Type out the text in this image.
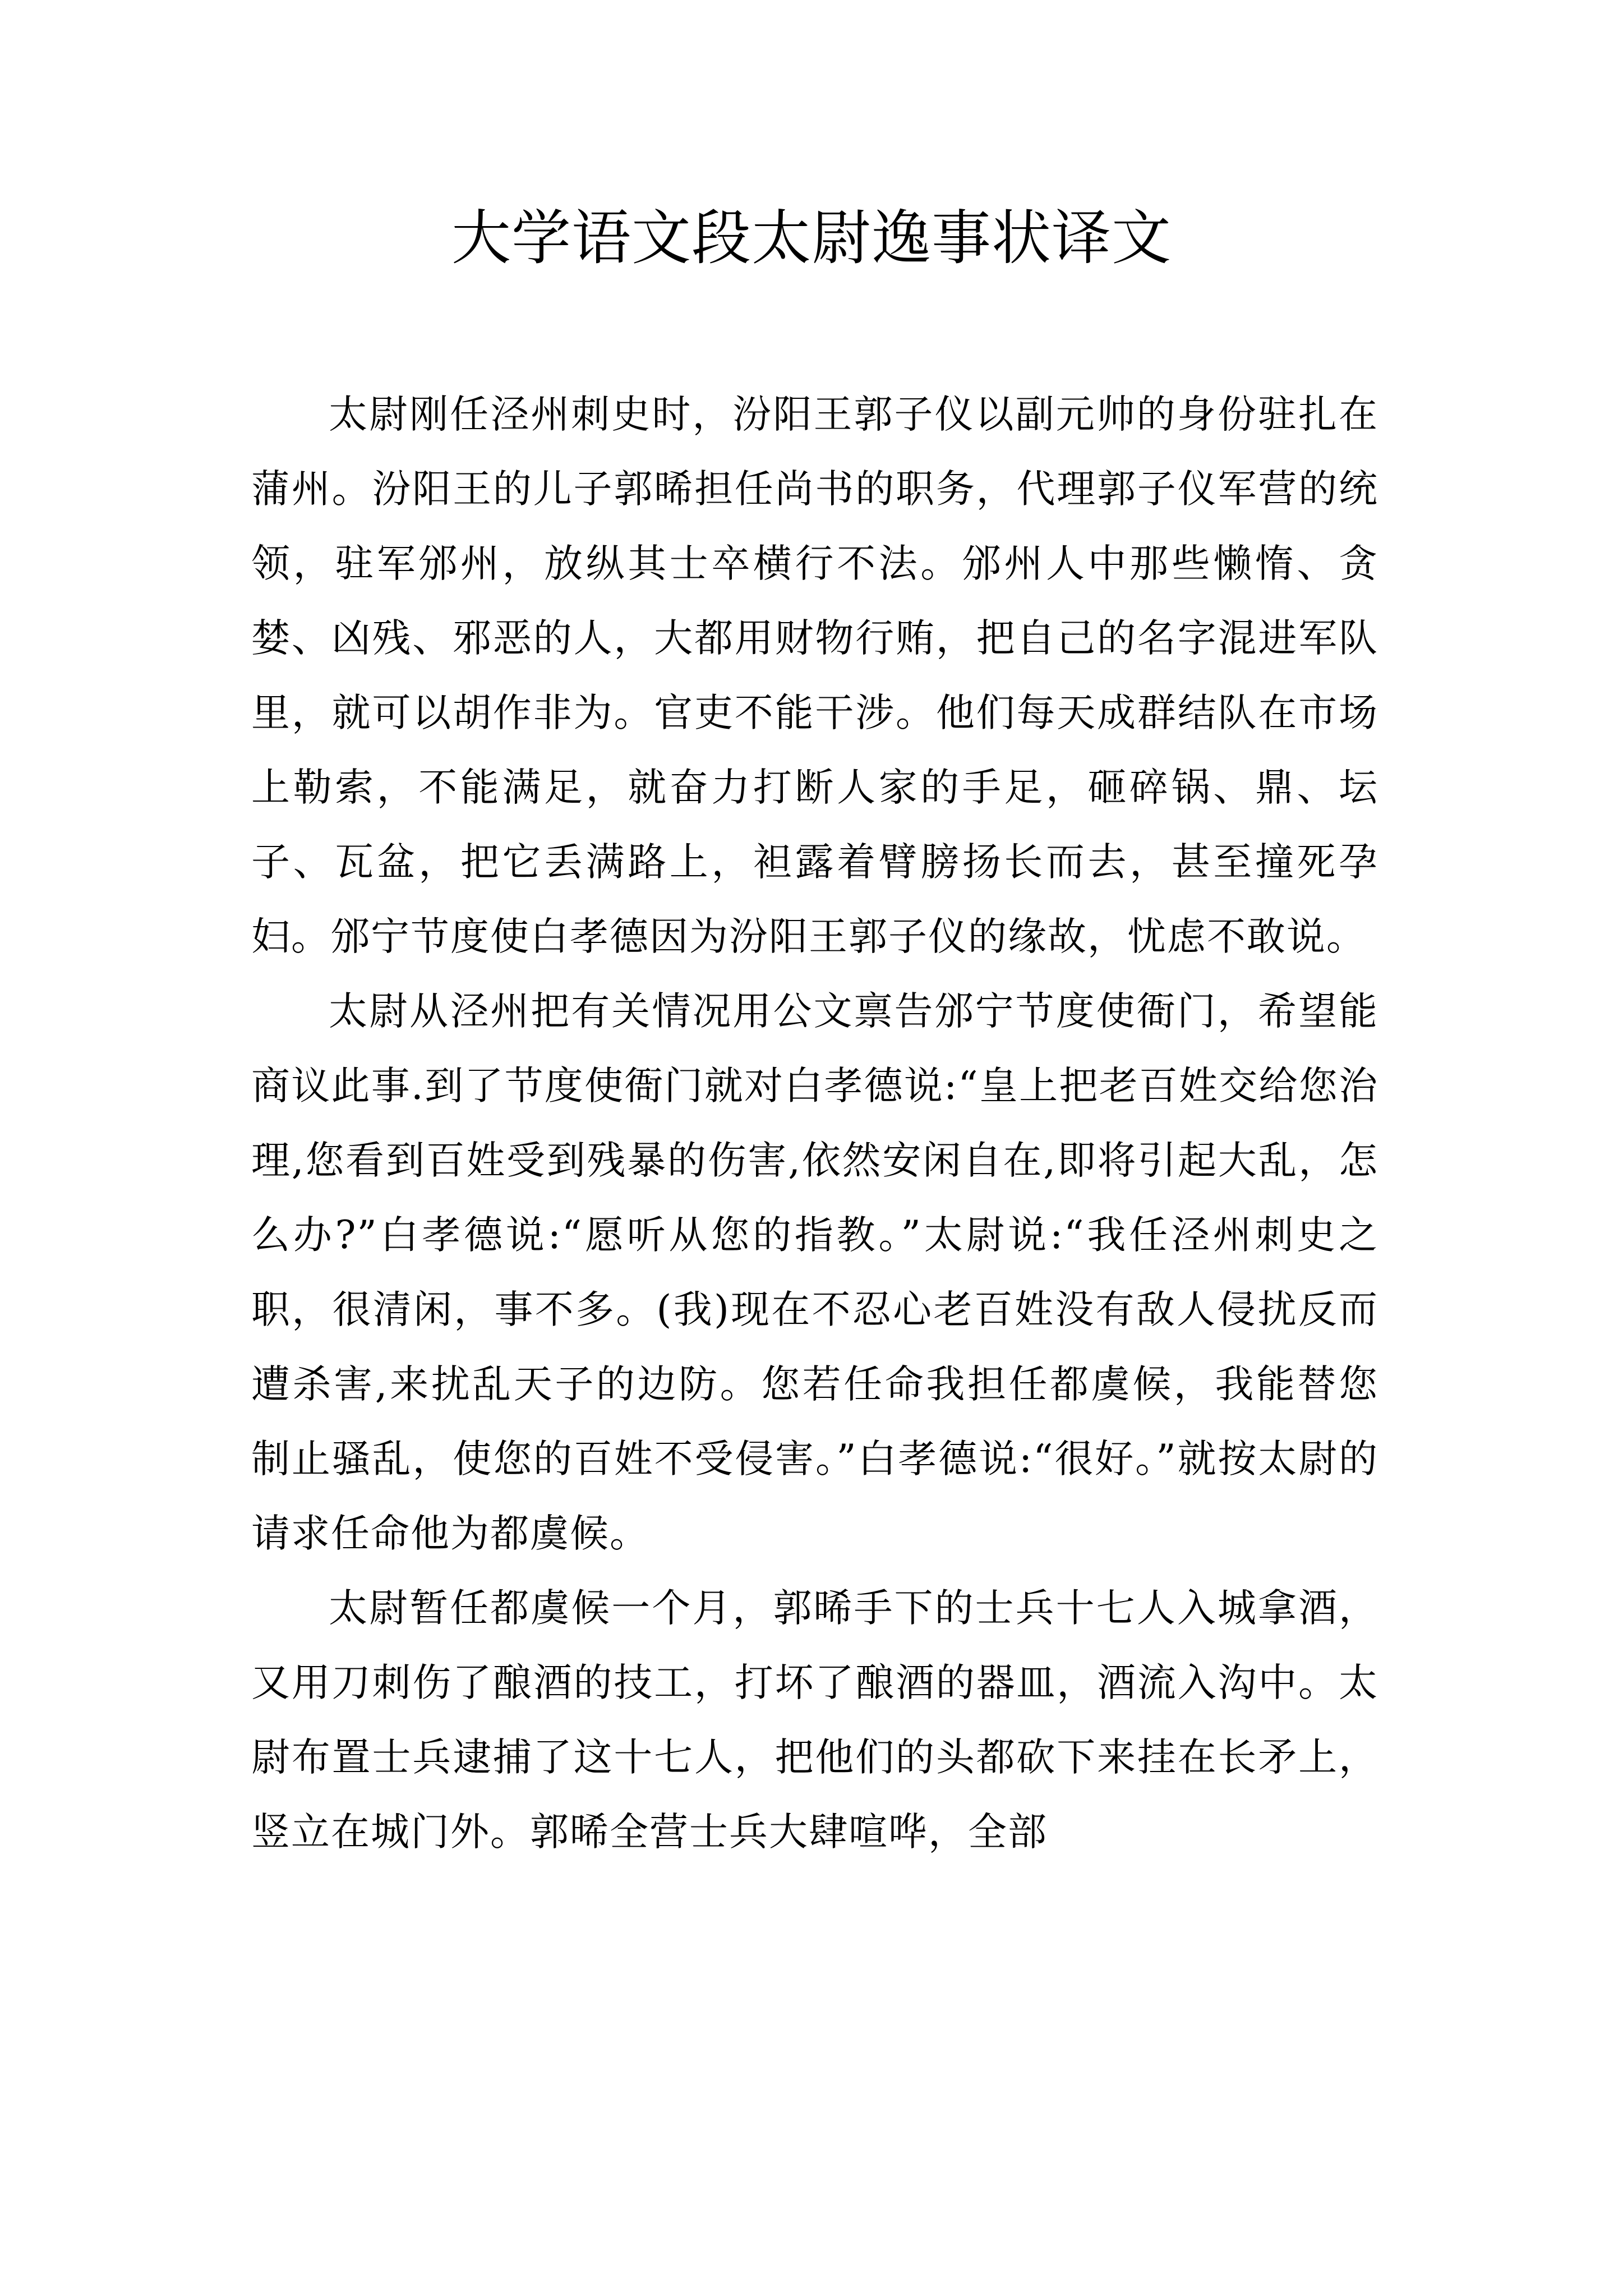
大学语文段太尉逸事状译文

太尉刚任泾州刺史时，汾阳王郭子仪以副元帅的身份驻扎在蒲州。汾阳王的儿子郭晞担任尚书的职务，代理郭子仪军营的统领，驻军邠州，放纵其士卒横行不法。邠州人中那些懒惰、贪婪、凶残、邪恶的人，大都用财物行贿，把自己的名字混进军队里，就可以胡作非为。官吏不能干涉。他们每天成群结队在市场上勒索，不能满足，就奋力打断人家的手足，砸碎锅、鼎、坛子、瓦盆，把它丢满路上，袒露着臂膀扬长而去，甚至撞死孕妇。邠宁节度使白孝德因为汾阳王郭子仪的缘故，忧虑不敢说。

太尉从泾州把有关情况用公文禀告邠宁节度使衙门，希望能商议此事.到了节度使衙门就对白孝德说:“皇上把老百姓交给您治理,您看到百姓受到残暴的伤害,依然安闲自在,即将引起大乱，怎么办?”白孝德说:“愿听从您的指教。”太尉说:“我任泾州刺史之职，很清闲，事不多。(我)现在不忍心老百姓没有敌人侵扰反而遭杀害,来扰乱天子的边防。您若任命我担任都虞候，我能替您制止骚乱，使您的百姓不受侵害。”白孝德说:“很好。”就按太尉的请求任命他为都虞候。

太尉暂任都虞候一个月，郭晞手下的士兵十七人入城拿酒，又用刀刺伤了酿酒的技工，打坏了酿酒的器皿，酒流入沟中。太尉布置士兵逮捕了这十七人，把他们的头都砍下来挂在长矛上，竖立在城门外。郭晞全营士兵大肆喧哗，全部
